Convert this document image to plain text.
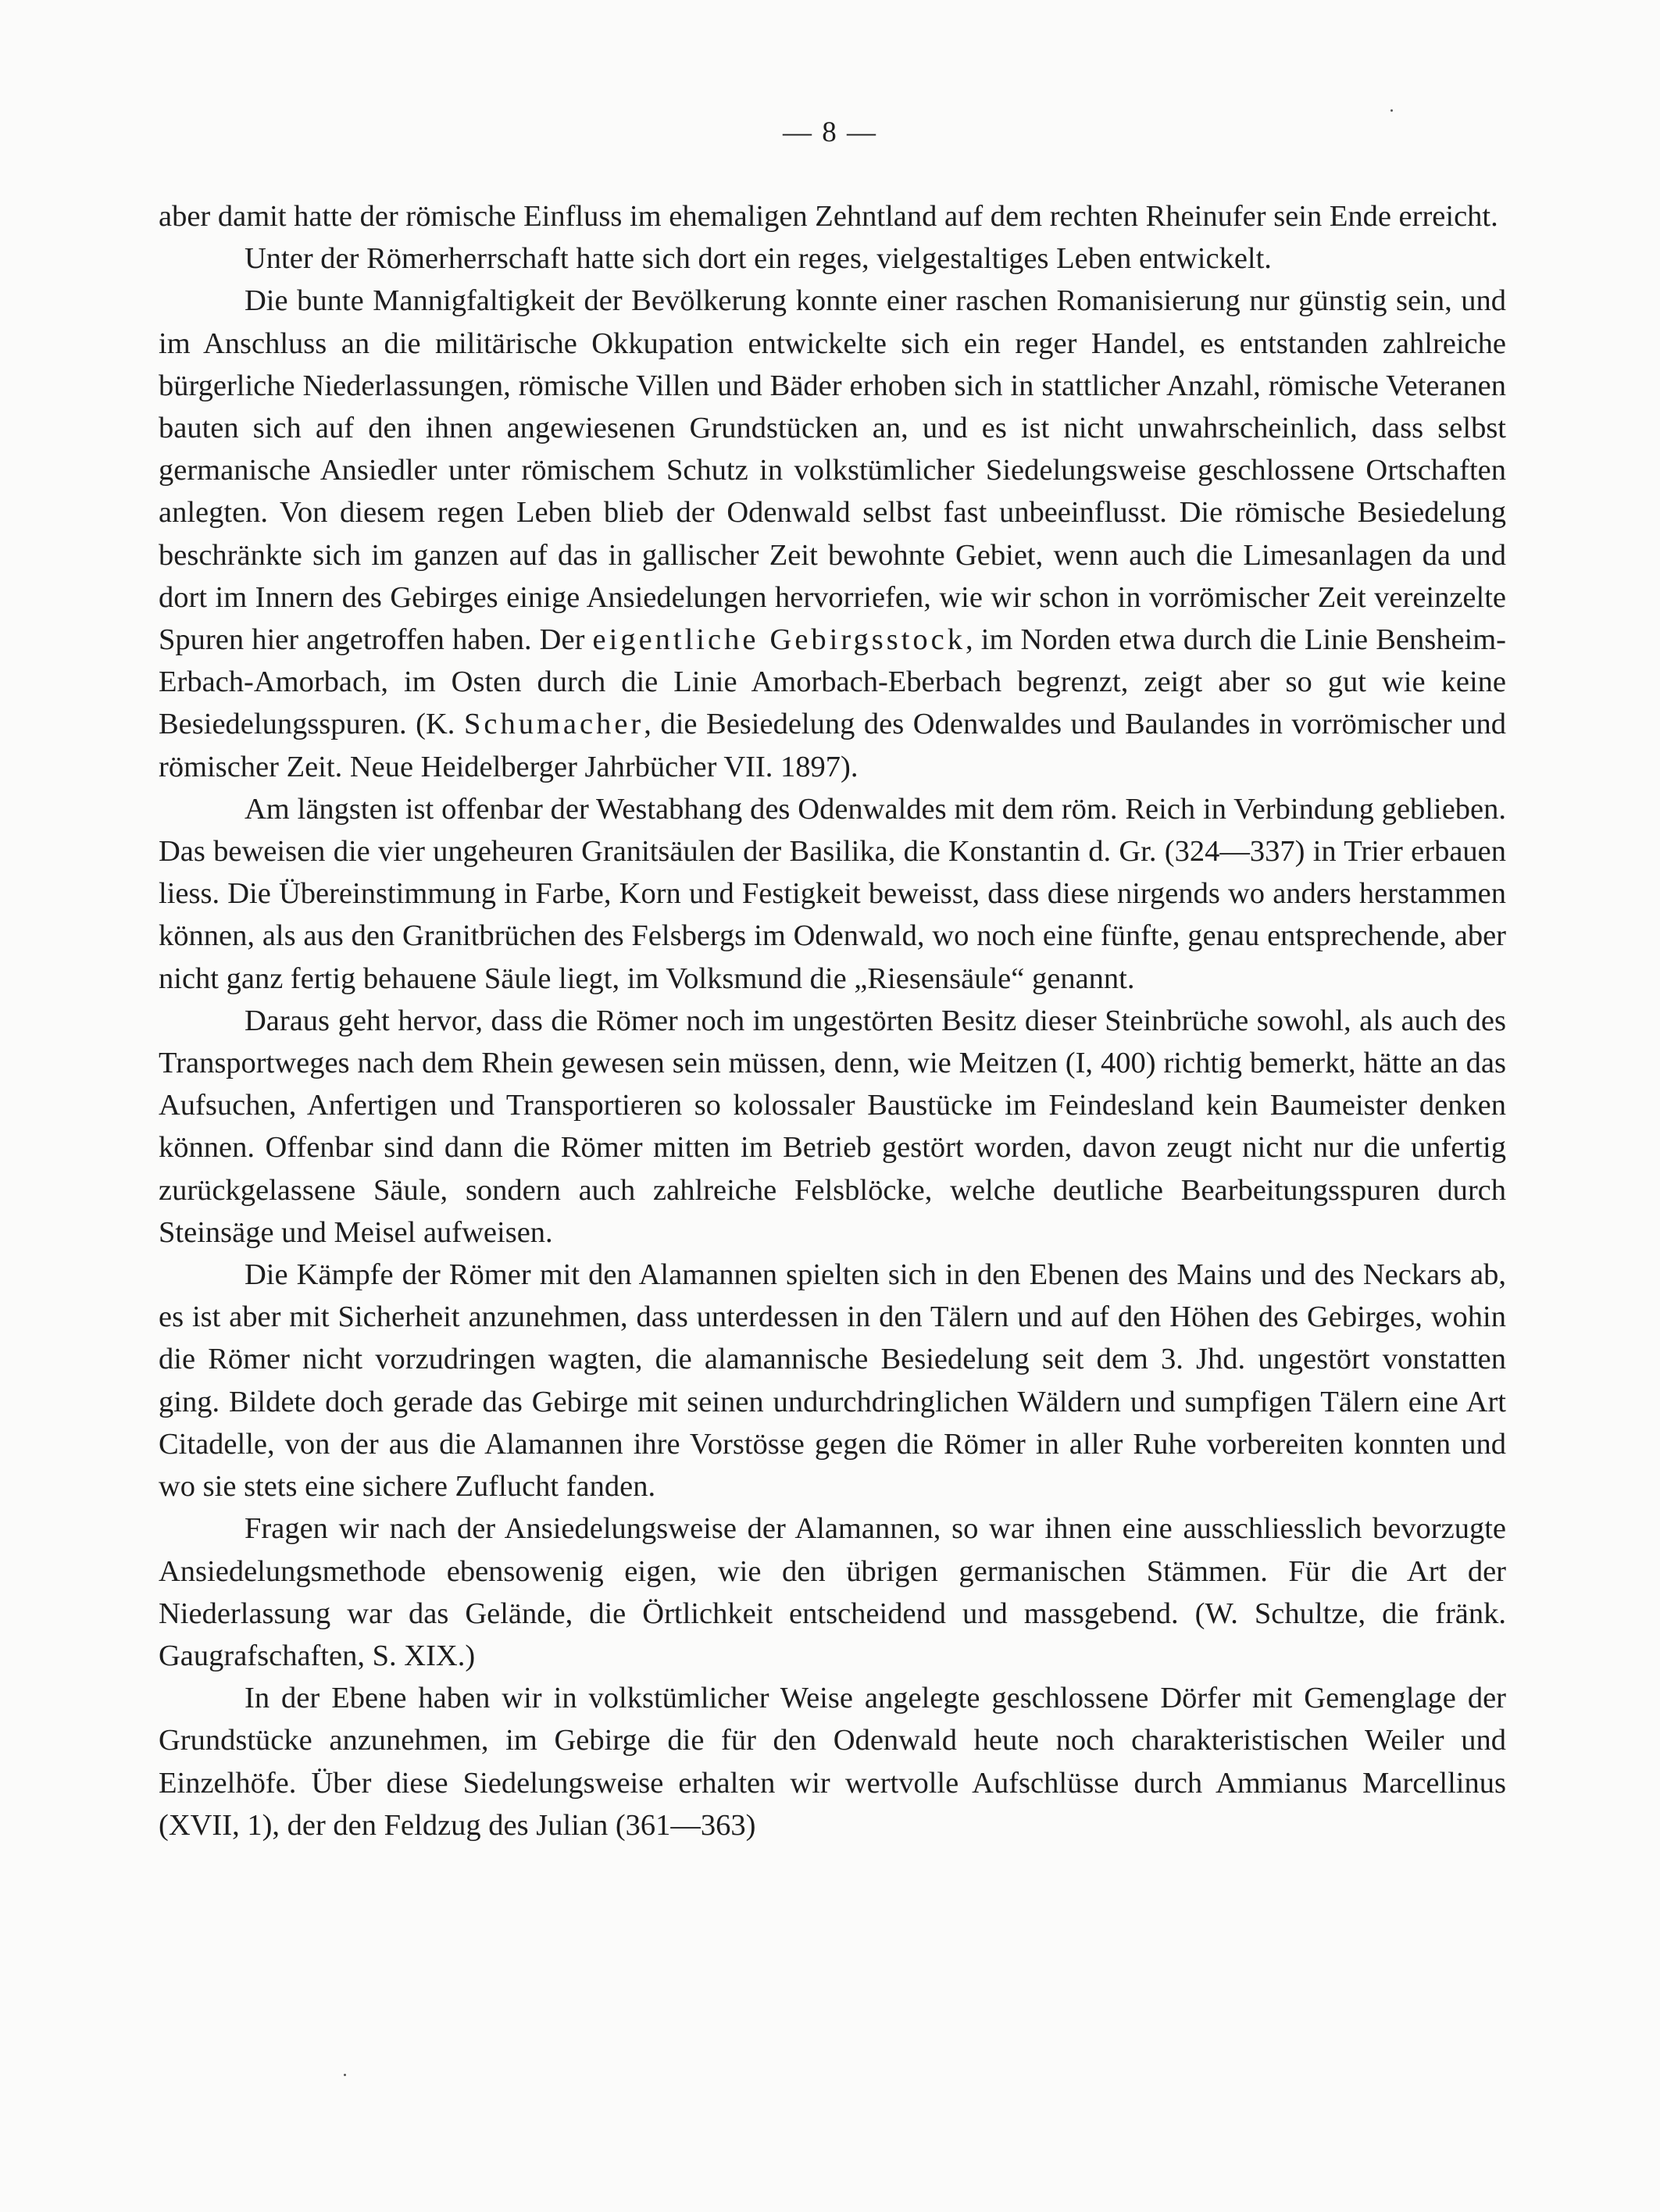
— 8 —

aber damit hatte der römische Einfluss im ehemaligen Zehntland auf dem rechten Rheinufer sein Ende erreicht.

Unter der Römerherrschaft hatte sich dort ein reges, vielgestaltiges Leben entwickelt.

Die bunte Mannigfaltigkeit der Bevölkerung konnte einer raschen Romanisierung nur günstig sein, und im Anschluss an die militärische Okkupation entwickelte sich ein reger Handel, es entstanden zahlreiche bürgerliche Niederlassungen, römische Villen und Bäder erhoben sich in stattlicher Anzahl, römische Veteranen bauten sich auf den ihnen angewiesenen Grundstücken an, und es ist nicht unwahrscheinlich, dass selbst germanische Ansiedler unter römischem Schutz in volkstümlicher Siedelungsweise geschlossene Ortschaften anlegten. Von diesem regen Leben blieb der Odenwald selbst fast unbeeinflusst. Die römische Besiedelung beschränkte sich im ganzen auf das in gallischer Zeit bewohnte Gebiet, wenn auch die Limesanlagen da und dort im Innern des Gebirges einige Ansiedelungen hervorriefen, wie wir schon in vorrömischer Zeit vereinzelte Spuren hier angetroffen haben. Der eigentliche Gebirgsstock, im Norden etwa durch die Linie Bensheim-Erbach-Amorbach, im Osten durch die Linie Amorbach-Eberbach begrenzt, zeigt aber so gut wie keine Besiedelungsspuren. (K. Schumacher, die Besiedelung des Odenwaldes und Baulandes in vorrömischer und römischer Zeit. Neue Heidelberger Jahrbücher VII. 1897).

Am längsten ist offenbar der Westabhang des Odenwaldes mit dem röm. Reich in Verbindung geblieben. Das beweisen die vier ungeheuren Granitsäulen der Basilika, die Konstantin d. Gr. (324—337) in Trier erbauen liess. Die Übereinstimmung in Farbe, Korn und Festigkeit beweisst, dass diese nirgends wo anders herstammen können, als aus den Granitbrüchen des Felsbergs im Odenwald, wo noch eine fünfte, genau entsprechende, aber nicht ganz fertig behauene Säule liegt, im Volksmund die „Riesensäule“ genannt.

Daraus geht hervor, dass die Römer noch im ungestörten Besitz dieser Steinbrüche sowohl, als auch des Transportweges nach dem Rhein gewesen sein müssen, denn, wie Meitzen (I, 400) richtig bemerkt, hätte an das Aufsuchen, Anfertigen und Transportieren so kolossaler Baustücke im Feindesland kein Baumeister denken können. Offenbar sind dann die Römer mitten im Betrieb gestört worden, davon zeugt nicht nur die unfertig zurückgelassene Säule, sondern auch zahlreiche Felsblöcke, welche deutliche Bearbeitungsspuren durch Steinsäge und Meisel aufweisen.

Die Kämpfe der Römer mit den Alamannen spielten sich in den Ebenen des Mains und des Neckars ab, es ist aber mit Sicherheit anzunehmen, dass unterdessen in den Tälern und auf den Höhen des Gebirges, wohin die Römer nicht vorzudringen wagten, die alamannische Besiedelung seit dem 3. Jhd. ungestört vonstatten ging. Bildete doch gerade das Gebirge mit seinen undurchdringlichen Wäldern und sumpfigen Tälern eine Art Citadelle, von der aus die Alamannen ihre Vorstösse gegen die Römer in aller Ruhe vorbereiten konnten und wo sie stets eine sichere Zuflucht fanden.

Fragen wir nach der Ansiedelungsweise der Alamannen, so war ihnen eine ausschliesslich bevorzugte Ansiedelungsmethode ebensowenig eigen, wie den übrigen germanischen Stämmen. Für die Art der Niederlassung war das Gelände, die Örtlichkeit entscheidend und massgebend. (W. Schultze, die fränk. Gaugrafschaften, S. XIX.)

In der Ebene haben wir in volkstümlicher Weise angelegte geschlossene Dörfer mit Gemenglage der Grundstücke anzunehmen, im Gebirge die für den Odenwald heute noch charakteristischen Weiler und Einzelhöfe. Über diese Siedelungsweise erhalten wir wertvolle Aufschlüsse durch Ammianus Marcellinus (XVII, 1), der den Feldzug des Julian (361—363)
